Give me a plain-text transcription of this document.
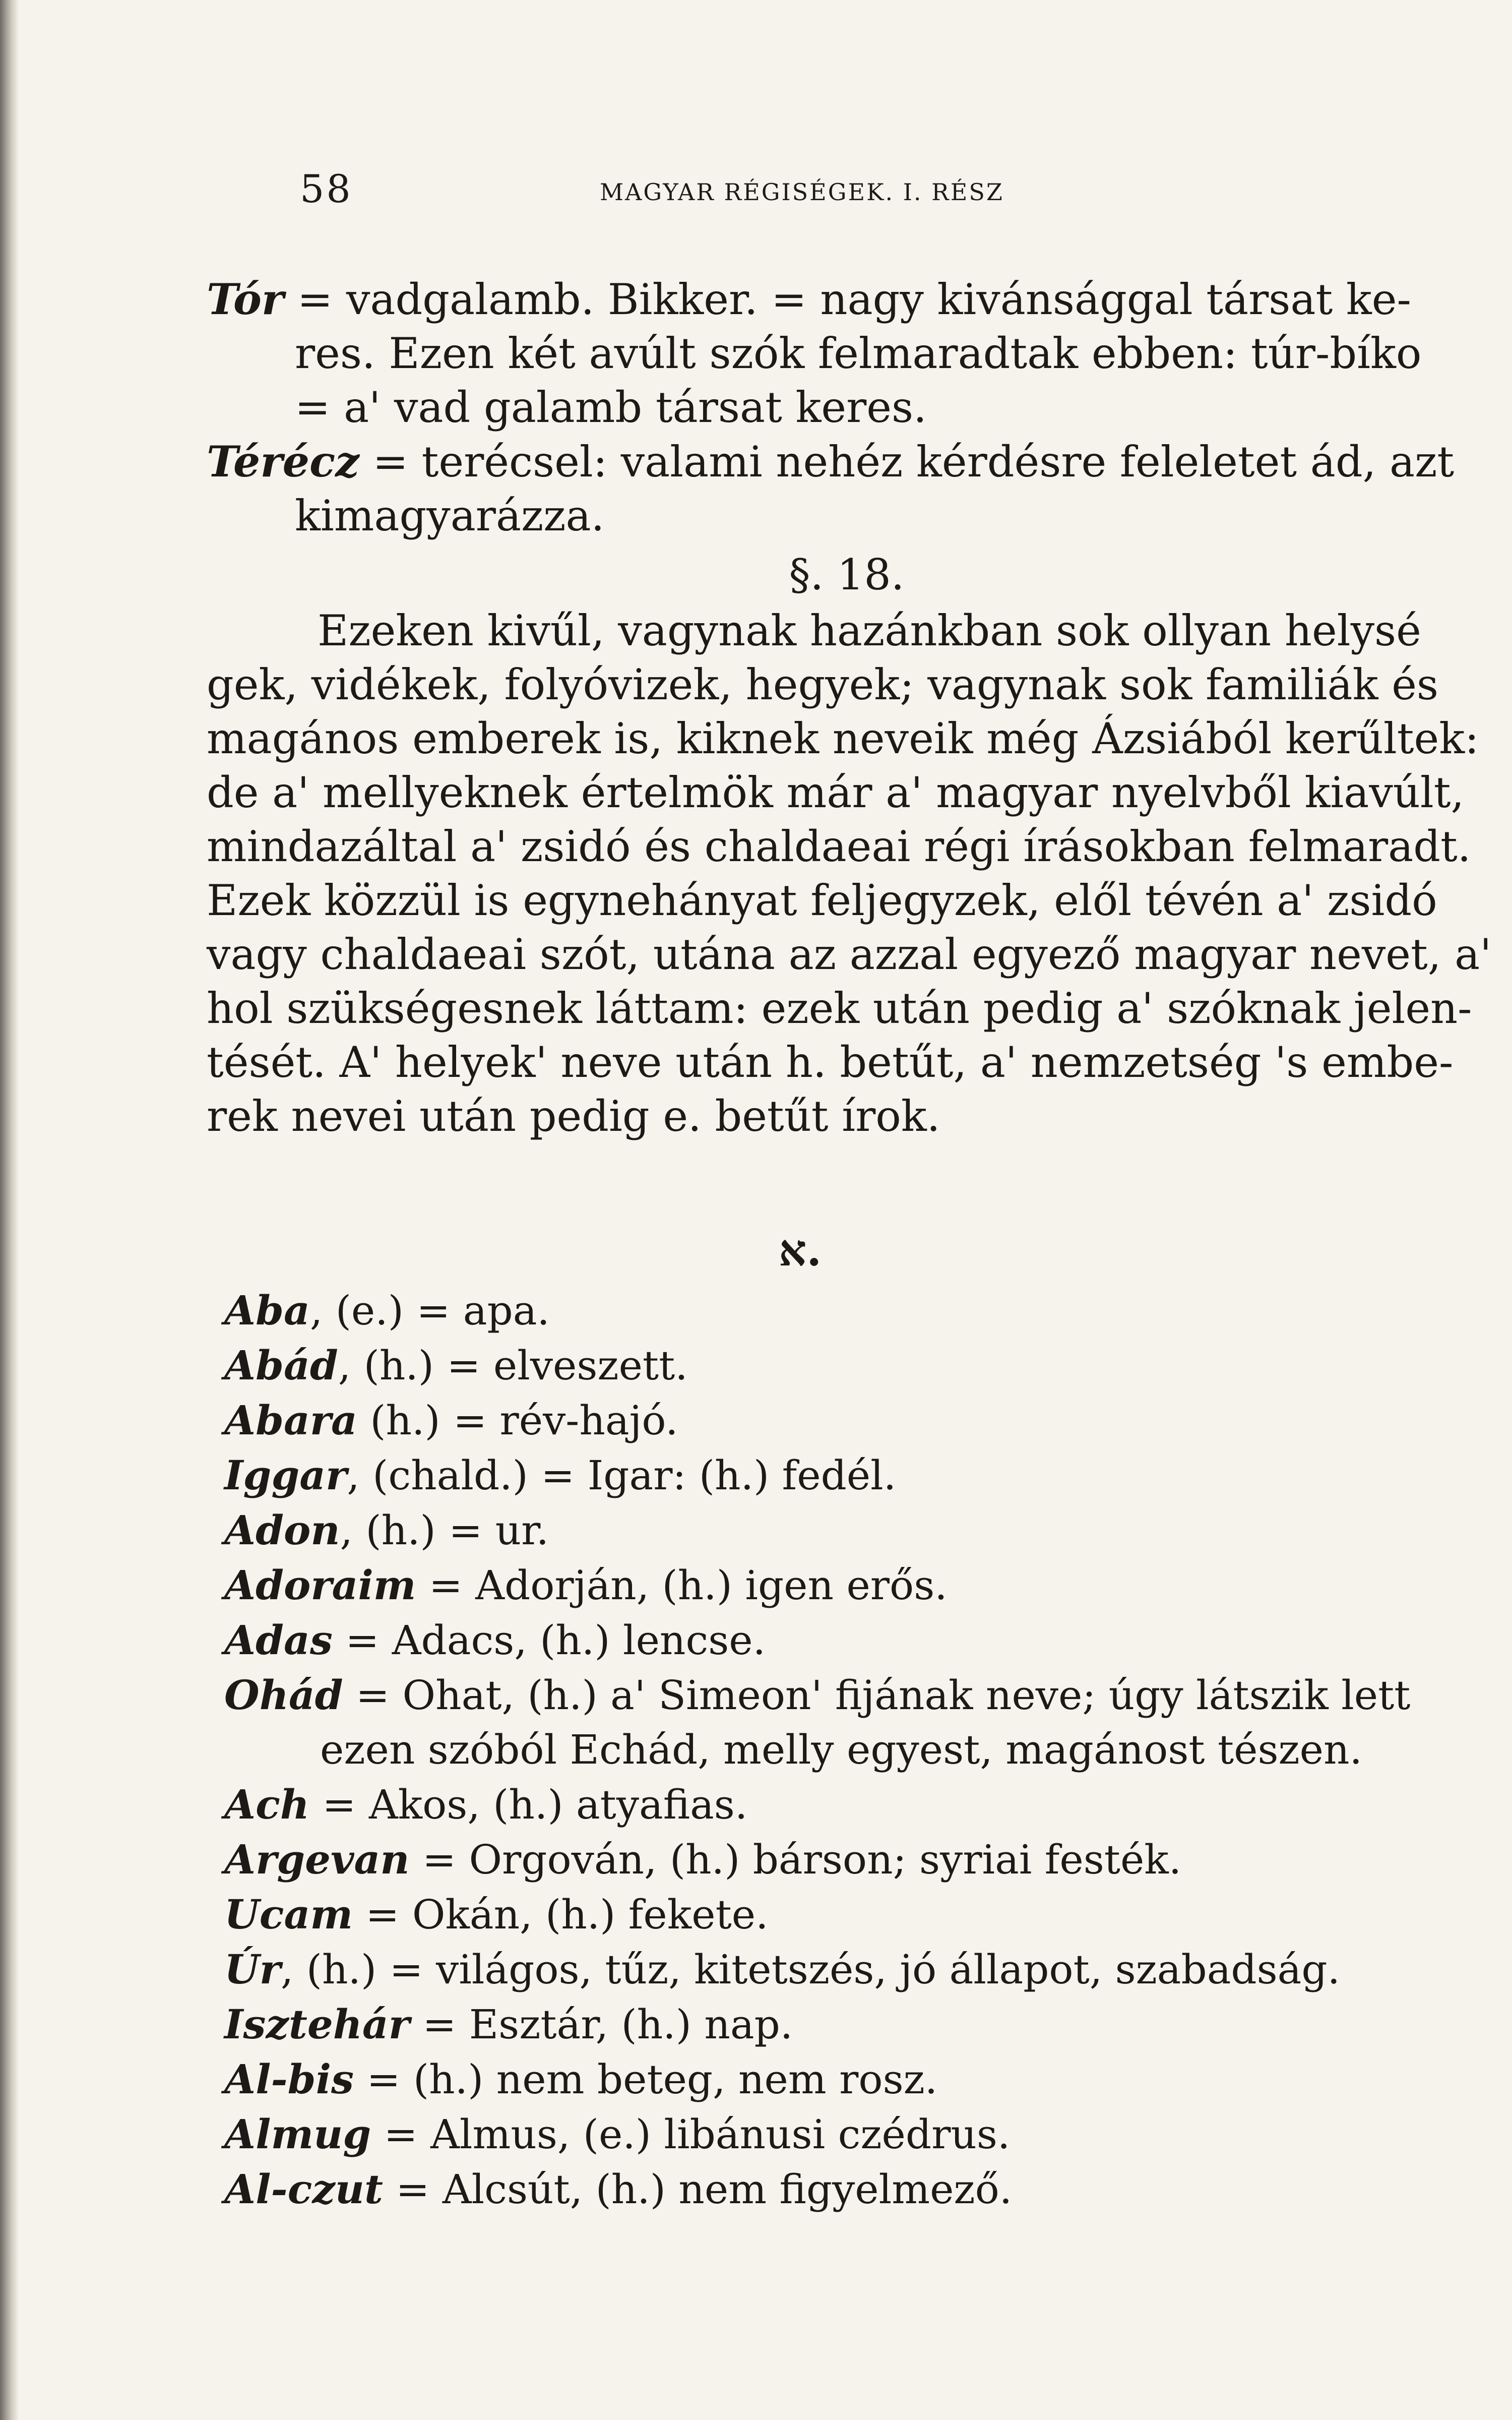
58	MAGYAR RÉGISÉGEK. I. RÉSZ
Tór = vadgalamb. Bikker. = nagy kivánsággal társat ke-
res. Ezen két avúlt szók felmaradtak ebben: túr-bíko
= a' vad galamb társat keres.
Térécz = terécsel: valami nehéz kérdésre feleletet ád, azt
kimagyarázza.
§. 18.
Ezeken kivűl, vagynak hazánkban sok ollyan helysé
gek, vidékek, folyóvizek, hegyek; vagynak sok familiák és
magános emberek is, kiknek neveik még Ázsiából kerűltek:
de a' mellyeknek értelmök már a' magyar nyelvből kiavúlt,
mindazáltal a' zsidó és chaldaeai régi írásokban felmaradt.
Ezek közzül is egynehányat feljegyzek, elől tévén a' zsidó
vagy chaldaeai szót, utána az azzal egyező magyar nevet, a'
hol szükségesnek láttam: ezek után pedig a' szóknak jelen-
tését. A' helyek' neve után h. betűt, a' nemzetség 's embe-
rek nevei után pedig e. betűt írok.
א.
Aba, (e.) = apa.
Abád, (h.) = elveszett.
Abara (h.) = rév-hajó.
Iggar, (chald.) = Igar: (h.) fedél.
Adon, (h.) = ur.
Adoraim = Adorján, (h.) igen erős.
Adas = Adacs, (h.) lencse.
Ohád = Ohat, (h.) a' Simeon' fijának neve; úgy látszik lett
ezen szóból Echád, melly egyest, magánost tészen.
Ach = Akos, (h.) atyafias.
Argevan = Orgován, (h.) bárson; syriai festék.
Ucam = Okán, (h.) fekete.
Úr, (h.) = világos, tűz, kitetszés, jó állapot, szabadság.
Isztehár = Esztár, (h.) nap.
Al-bis = (h.) nem beteg, nem rosz.
Almug = Almus, (e.) libánusi czédrus.
Al-czut = Alcsút, (h.) nem figyelmező.
